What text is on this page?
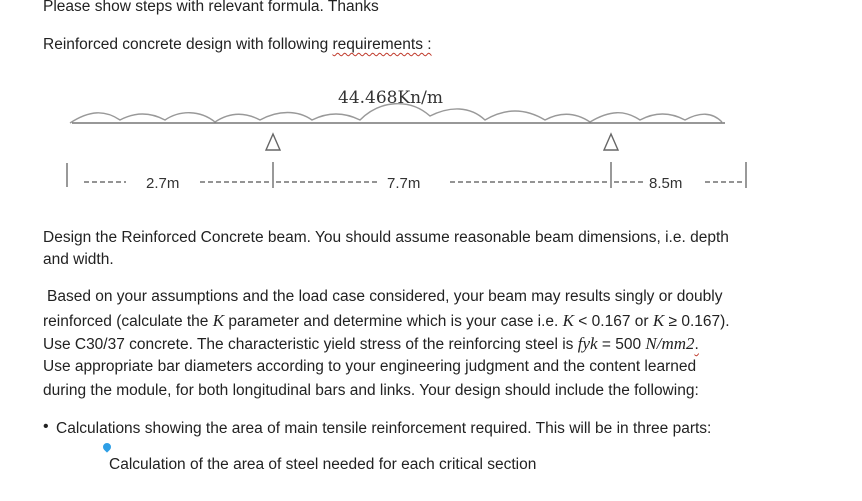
Please show steps with relevant formula. Thanks
Reinforced concrete design with following requirements :
44.468Kn/m
2.7m	7.7m	8.5m
Design the Reinforced Concrete beam. You should assume reasonable beam dimensions, i.e. depth
and width.
Based on your assumptions and the load case considered, your beam may results singly or doubly
reinforced (calculate the K parameter and determine which is your case i.e. K < 0.167 or K ≥ 0.167).
Use C30/37 concrete. The characteristic yield stress of the reinforcing steel is fyk = 500 N/mm2.
Use appropriate bar diameters according to your engineering judgment and the content learned
during the module, for both longitudinal bars and links. Your design should include the following:
• Calculations showing the area of main tensile reinforcement required. This will be in three parts:
Calculation of the area of steel needed for each critical section
